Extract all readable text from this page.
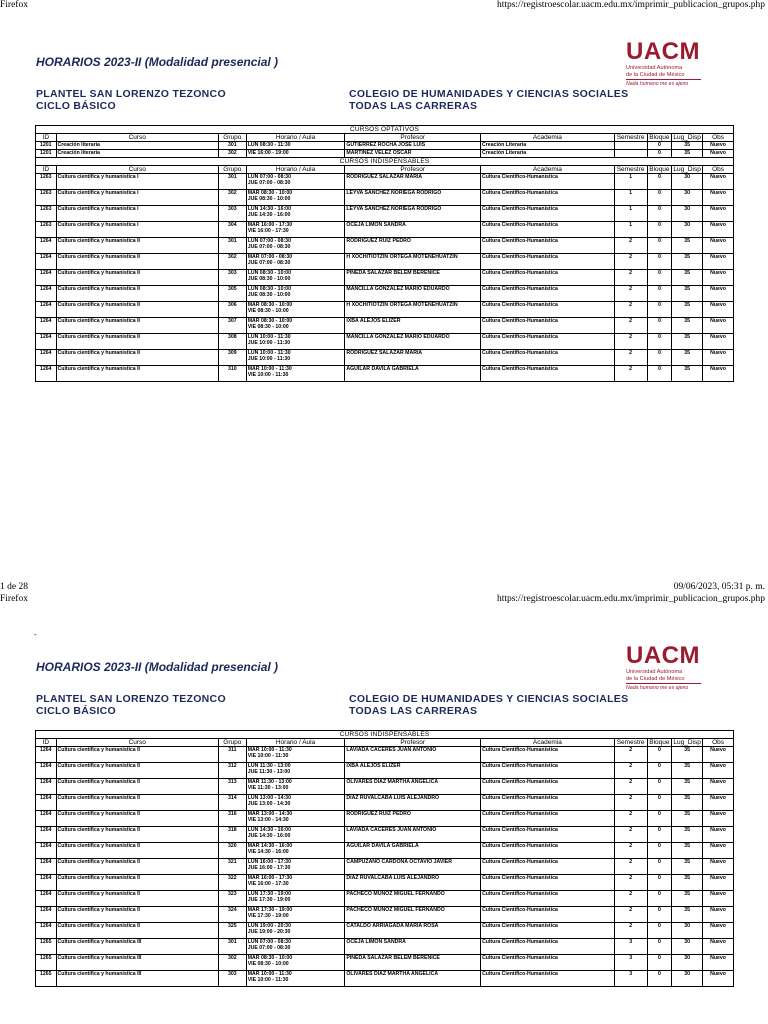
Firefox	https://registroescolar.uacm.edu.mx/imprimir_publicacion_grupos.php
HORARIOS 2023-II (Modalidad presencial )	UACM
Universidad Autónoma
de la Ciudad de México
Nada humano me es ajeno
PLANTEL SAN LORENZO TEZONCO
CICLO BÁSICO
COLEGIO DE HUMANIDADES Y CIENCIAS SOCIALES
TODAS LAS CARRERAS
CURSOS OPTATIVOS									
ID	Curso	Grupo	Horario / Aula	Profesor	Academia	Semestre	Bloque	Lug_Disp	Obs

1201	Creación literaria	301	LUN 08:30 - 11:30	GUTIERREZ ROCHA JOSE LUIS	Creación Literaria		0	35	Nuevo

1201	Creación literaria	302	VIE 16:00 - 19:00	MARTINEZ VELEZ OSCAR	Creación Literaria		0	35	Nuevo

CURSOS INDISPENSABLES									
ID	Curso	Grupo	Horario / Aula	Profesor	Academia	Semestre	Bloque	Lug_Disp	Obs

1263	Cultura científica y humanística I	301	LUN 07:00 - 08:30
JUE 07:00 - 08:30	RODRIGUEZ SALAZAR MARIA	Cultura Científico-Humanística	1	0	30	Nuevo

1263	Cultura científica y humanística I	302	MAR 08:30 - 10:00
JUE 08:30 - 10:00	LEYVA SANCHEZ NORIEGA RODRIGO	Cultura Científico-Humanística	1	0	30	Nuevo

1263	Cultura científica y humanística I	303	LUN 14:30 - 16:00
JUE 14:30 - 16:00	LEYVA SANCHEZ NORIEGA RODRIGO	Cultura Científico-Humanística	1	0	30	Nuevo

1263	Cultura científica y humanística I	304	MAR 16:00 - 17:30
VIE 16:00 - 17:30	OCEJA LIMON SANDRA	Cultura Científico-Humanística	1	0	30	Nuevo

1264	Cultura científica y humanística II	301	LUN 07:00 - 08:30
JUE 07:00 - 08:30	RODRIGUEZ RUIZ PEDRO	Cultura Científico-Humanística	2	0	35	Nuevo

1264	Cultura científica y humanística II	302	MAR 07:00 - 08:30
JUE 07:00 - 08:30	H XOCHITIOTZIN ORTEGA MOTENEHUATZIN	Cultura Científico-Humanística	2	0	35	Nuevo

1264	Cultura científica y humanística II	303	LUN 08:30 - 10:00
JUE 08:30 - 10:00	PINEDA SALAZAR BELEM BERENICE	Cultura Científico-Humanística	2	0	35	Nuevo

1264	Cultura científica y humanística II	305	LUN 08:30 - 10:00
JUE 08:30 - 10:00	MANCILLA GONZALEZ MARIO EDUARDO	Cultura Científico-Humanística	2	0	35	Nuevo

1264	Cultura científica y humanística II	306	MAR 08:30 - 10:00
VIE 08:30 - 10:00	H XOCHITIOTZIN ORTEGA MOTENEHUATZIN	Cultura Científico-Humanística	2	0	35	Nuevo

1264	Cultura científica y humanística II	307	MAR 08:30 - 10:00
VIE 08:30 - 10:00	IXBA ALEJOS ELIZER	Cultura Científico-Humanística	2	0	35	Nuevo

1264	Cultura científica y humanística II	308	LUN 10:00 - 11:30
JUE 10:00 - 11:30	MANCILLA GONZALEZ MARIO EDUARDO	Cultura Científico-Humanística	2	0	35	Nuevo

1264	Cultura científica y humanística II	309	LUN 10:00 - 11:30
JUE 10:00 - 11:30	RODRIGUEZ SALAZAR MARIA	Cultura Científico-Humanística	2	0	35	Nuevo

1264	Cultura científica y humanística II	310	MAR 10:00 - 11:30
VIE 10:00 - 11:30	AGUILAR DAVILA GABRIELA	Cultura Científico-Humanística	2	0	35	Nuevo
1 de 28	09/06/2023, 05:31 p. m.
Firefox	https://registroescolar.uacm.edu.mx/imprimir_publicacion_grupos.php
-
HORARIOS 2023-II (Modalidad presencial )	UACM
Universidad Autónoma
de la Ciudad de México
Nada humano me es ajeno
PLANTEL SAN LORENZO TEZONCO
CICLO BÁSICO
COLEGIO DE HUMANIDADES Y CIENCIAS SOCIALES
TODAS LAS CARRERAS
CURSOS INDISPENSABLES									
ID	Curso	Grupo	Horario / Aula	Profesor	Academia	Semestre	Bloque	Lug_Disp	Obs

1264	Cultura científica y humanística II	311	MAR 10:00 - 11:30
VIE 10:00 - 11:30	LAVIADA CACERES JUAN ANTONIO	Cultura Científico-Humanística	2	0	35	Nuevo

1264	Cultura científica y humanística II	312	LUN 11:30 - 13:00
JUE 11:30 - 13:00	IXBA ALEJOS ELIZER	Cultura Científico-Humanística	2	0	35	Nuevo

1264	Cultura científica y humanística II	313	MAR 11:30 - 13:00
VIE 11:30 - 13:00	OLIVARES DIAZ MARTHA ANGELICA	Cultura Científico-Humanística	2	0	35	Nuevo

1264	Cultura científica y humanística II	314	LUN 13:00 - 14:30
JUE 13:00 - 14:30	DIAZ RUVALCABA LUIS ALEJANDRO	Cultura Científico-Humanística	2	0	35	Nuevo

1264	Cultura científica y humanística II	316	MAR 13:00 - 14:30
VIE 13:00 - 14:30	RODRIGUEZ RUIZ PEDRO	Cultura Científico-Humanística	2	0	35	Nuevo

1264	Cultura científica y humanística II	318	LUN 14:30 - 16:00
JUE 14:30 - 16:00	LAVIADA CACERES JUAN ANTONIO	Cultura Científico-Humanística	2	0	35	Nuevo

1264	Cultura científica y humanística II	320	MAR 14:30 - 16:00
VIE 14:30 - 16:00	AGUILAR DAVILA GABRIELA	Cultura Científico-Humanística	2	0	35	Nuevo

1264	Cultura científica y humanística II	321	LUN 16:00 - 17:30
JUE 16:00 - 17:30	CAMPUZANO CARDONA OCTAVIO JAVIER	Cultura Científico-Humanística	2	0	35	Nuevo

1264	Cultura científica y humanística II	322	MAR 16:00 - 17:30
VIE 16:00 - 17:30	DIAZ RUVALCABA LUIS ALEJANDRO	Cultura Científico-Humanística	2	0	35	Nuevo

1264	Cultura científica y humanística II	323	LUN 17:30 - 19:00
JUE 17:30 - 19:00	PACHECO MUÑOZ MIGUEL FERNANDO	Cultura Científico-Humanística	2	0	35	Nuevo

1264	Cultura científica y humanística II	324	MAR 17:30 - 19:00
VIE 17:30 - 19:00	PACHECO MUÑOZ MIGUEL FERNANDO	Cultura Científico-Humanística	2	0	35	Nuevo

1264	Cultura científica y humanística II	325	LUN 19:00 - 20:30
JUE 19:00 - 20:30	CATALDO ARRIAGADA MARIA ROSA	Cultura Científico-Humanística	2	0	30	Nuevo

1265	Cultura científica y humanística III	301	LUN 07:00 - 08:30
JUE 07:00 - 08:30	OCEJA LIMON SANDRA	Cultura Científico-Humanística	3	0	30	Nuevo

1265	Cultura científica y humanística III	302	MAR 08:30 - 10:00
VIE 08:30 - 10:00	PINEDA SALAZAR BELEM BERENICE	Cultura Científico-Humanística	3	0	30	Nuevo

1265	Cultura científica y humanística III	303	MAR 10:00 - 11:30
VIE 10:00 - 11:30	OLIVARES DIAZ MARTHA ANGELICA	Cultura Científico-Humanística	3	0	30	Nuevo
